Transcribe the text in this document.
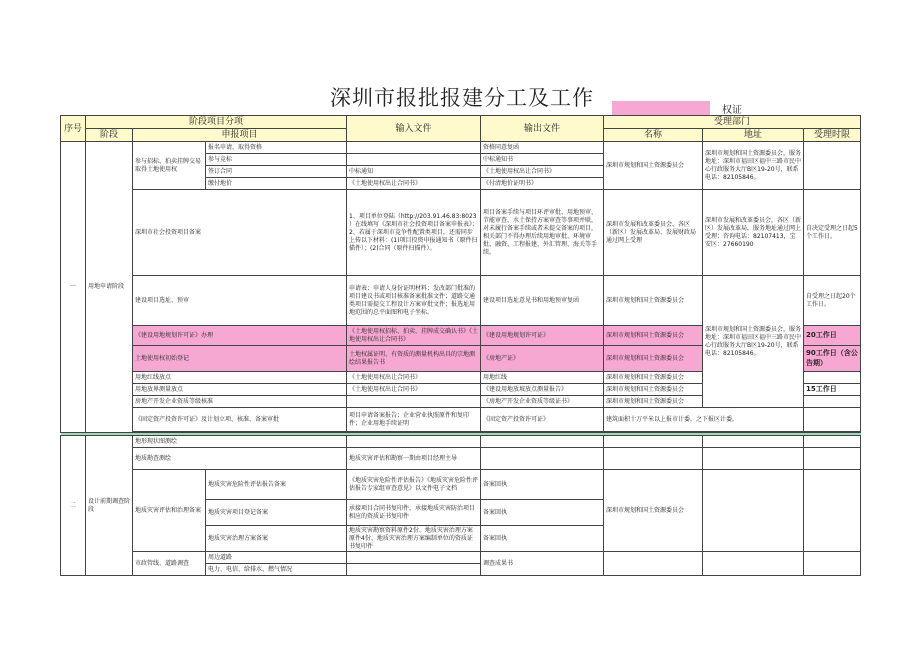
深圳市报批报建分工及工作
权证
序号	阶段项目分项			输入文件	输出文件	受理部门		
	阶段	申报项目				名称	地址	受理时限
一	用地申请阶段	参与招标、拍卖挂牌交易取得土地使用权	报名申请、取得资格		资格同意复函	深圳市规划和国土资源委员会	深圳市规划和国土资源委员会，服务地址：深圳市福田区福中三路市民中心行政服务大厅B区19-20号，联系电话：82105846。	
			参与竞标		中标通知书			
			签订合同	中标通知	《土地使用权出让合同书》			
			缴付地价	《土地使用权出让合同书》	《付清地价证明书》			
		深圳市社会投资项目备案		1、项目单位登陆（http://203.91.46.83:8023 ）在线填写《深圳市社会投资项目备案申报表》；2、若属于深圳市竞争性配置类项目，还需同步上传以下材料：(1)项目投资申报通知书（原件扫描件）；(2)合同（原件扫描件）。	项目备案手续与项目环评审批、用地预审、节能审查、水土保持方案审查等事项并联，对未履行备案手续或者未提交备案的项目，相关部门不得办理后续用地审批、环境审批、融资、工程报建、外汇管理、海关等手续。	深圳市发展和改革委员会、各区（新区）发展改革局、发展财政局通过网上受理	深圳市发展和改革委员会，各区（新区）发展改革局，服务地址通过网上受理；咨询电话：82107413，宝安区：27660190	自决定受理之日起5个工作日。
		建设项目选址、预审		申请表；申请人身份证明材料；发改部门批准的项目建议书或项目核准备案批准文件；道路交通类项目需提交工程设计方案审批文件；报选址用地范围的总平面图和电子坐标。	建设项目选址意见书和用地预审复函	深圳市规划和国土资源委员会	深圳市规划和国土资源委员会，服务地址：深圳市福田区福中三路市民中心行政服务大厅B区19-20号，联系电话：82105846。	自受理之日起20个工作日。
		《建设用地规划许可证》办理		《土地使用权招标、拍卖、挂牌成交确认书》《土地使用权出让合同书》	《建设用地规划许可证》	深圳市规划和国土资源委员会		20工作日
		土地使用权初始登记		土地权属证明、有资质的测量机构出具的宗地测绘结果报告书	《房地产证》	深圳市规划和国土资源委员会		90工作日（含公告期）
		用地红线放点		《土地使用权出让合同书》	用地红线	深圳市规划和国土资源委员会		
		用地放界测量放点		《土地使用权出让合同书》	《建设用地放坡放点测量报告》	深圳市规划和国土资源委员会		15工作日
		房地产开发企业资质等级核准			《房地产开发企业资质等级证书》	深圳市规划和国土资源委员会		
		《固定资产投资许可证》及计划立项、核准、备案审批		项目申请备案报告；企业营业执照原件和复印件；企业用地手续证明	《固定资产投资许可证》	建筑面积十万平米以上报市计委，之下报区计委。		

二	设计前期调查阶段	地形现状图测绘						
		地质勘查测绘		地质灾害评估和勘察一期由项目经理主导				
		地质灾害评估和治理备案	地质灾害危险性评估报告备案	《地质灾害危险性评估报告》《地质灾害危险性评估报告专家组审查意见》以文件电子文档	备案回执	深圳市规划和国土资源委员会		
			地质灾害项目登记备案	承接项目合同书复印件、承接地质灾害防治项目相应的资质证书复印件	备案回执			
			地质灾害治理方案备案	地质灾害勘察资料原件2份、地质灾害治理方案原件4份、地质灾害治理方案编制单位的资质证书复印件	备案回执			
		市政管线、道路调查	周边道路		调查成果书			
			电力、电信、给排水、燃气情况					
